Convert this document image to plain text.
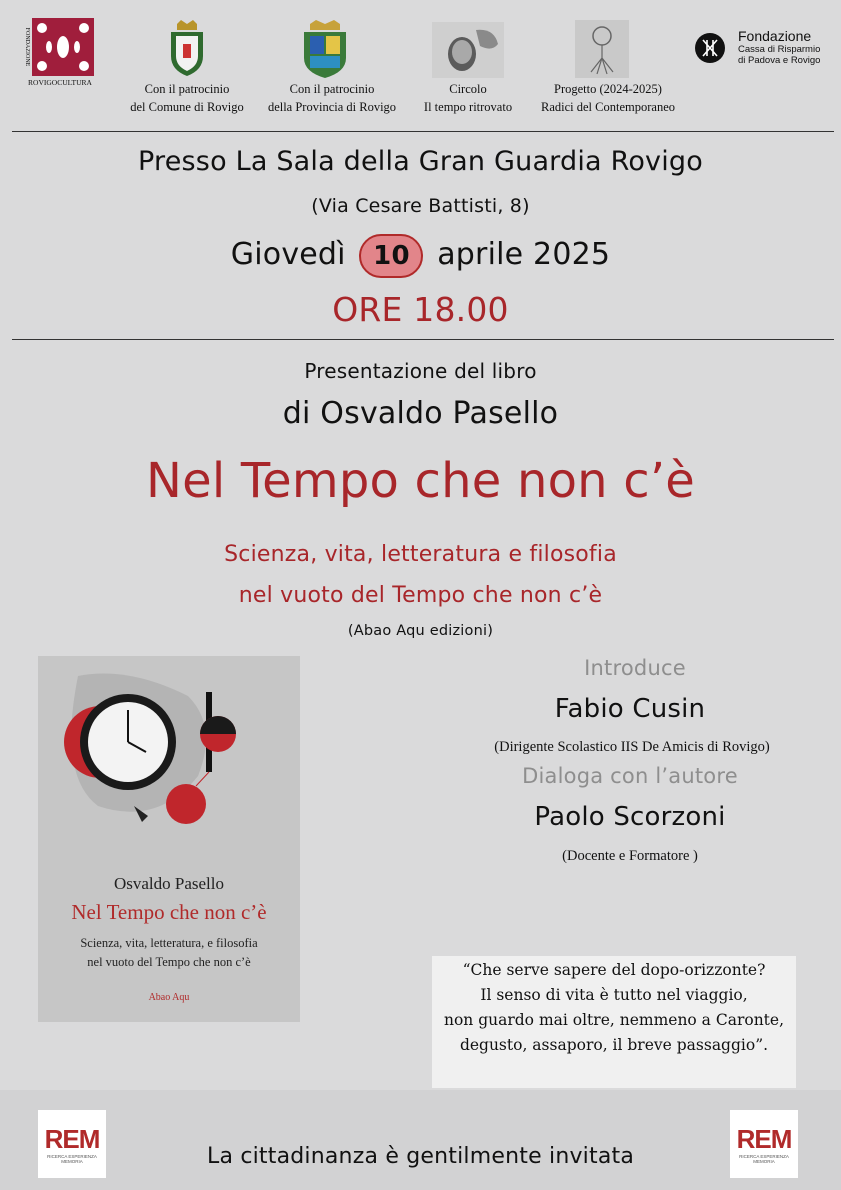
FONDAZIONE
ROVIGOCULTURA	Con il patrocinio
del Comune di Rovigo
Con il patrocinio
della Provincia di Rovigo
Circolo
Il tempo ritrovato
Progetto (2024-2025)
Radici del Contemporaneo
Fondazione
Cassa di Risparmio
di Padova e Rovigo
Presso La Sala della Gran Guardia Rovigo
(Via Cesare Battisti, 8)
Giovedì 10 aprile 2025
ORE 18.00
Presentazione del libro
di Osvaldo Pasello
Nel Tempo che non c’è
Scienza, vita, letteratura e filosofia
nel vuoto del Tempo che non c’è
(Abao Aqu edizioni)
Osvaldo Pasello
Nel Tempo che non c’è
Scienza, vita, letteratura, e filosofia
nel vuoto del Tempo che non c’è
Abao Aqu
Introduce
Fabio Cusin
(Dirigente Scolastico IIS De Amicis di Rovigo)
Dialoga con l’autore
Paolo Scorzoni
(Docente e Formatore )
“Che serve sapere del dopo-orizzonte?
Il senso di vita è tutto nel viaggio,
non guardo mai oltre, nemmeno a Caronte,
degusto, assaporo, il breve passaggio”.
REM
RICERCA ESPERIENZA MEMORIA	La cittadinanza è gentilmente invitata
REM
RICERCA ESPERIENZA MEMORIA
